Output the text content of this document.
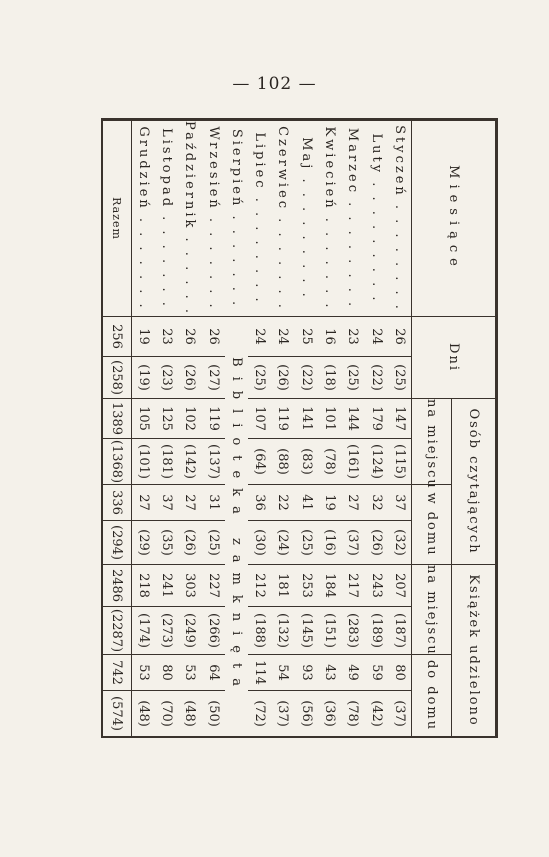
— 102 —
Miesiące	Dni		Osób czytających				Książek udzielono			
			na miejscu		w domu		na miejscu		do domu	
Styczeń . . . . . . . .	26	(25)	147	(115)	37	(32)	207	(187)	80	(37)
Luty . . . . . . . . .	24	(22)	179	(124)	32	(26)	243	(189)	59	(42)
Marzec . . . . . . . .	23	(25)	144	(161)	27	(37)	217	(283)	49	(78)
Kwiecień . . . . . . .	16	(18)	101	(78)	19	(16)	184	(151)	43	(36)
Maj . . . . . . . . .	25	(22)	141	(83)	41	(25)	253	(145)	93	(56)
Czerwiec . . . . . . .	24	(26)	119	(88)	22	(24)	181	(132)	54	(37)
Lipiec . . . . . . . .	24	(25)	107	(64)	36	(30)	212	(188)	114	(72)
Sierpień . . . . . . .	Biblioteka zamknięta									
Wrzesień . . . . . . .	26	(27)	119	(137)	31	(25)	227	(266)	64	(50)
Październik . . . . . .	26	(26)	102	(142)	27	(26)	303	(249)	53	(48)
Listopad . . . . . . .	23	(23)	125	(181)	37	(35)	241	(273)	80	(70)
Grudzień . . . . . . .	19	(19)	105	(101)	27	(29)	218	(174)	53	(48)
Razem	256	(258)	1389	(1368)	336	(294)	2486	(2287)	742	(574)
